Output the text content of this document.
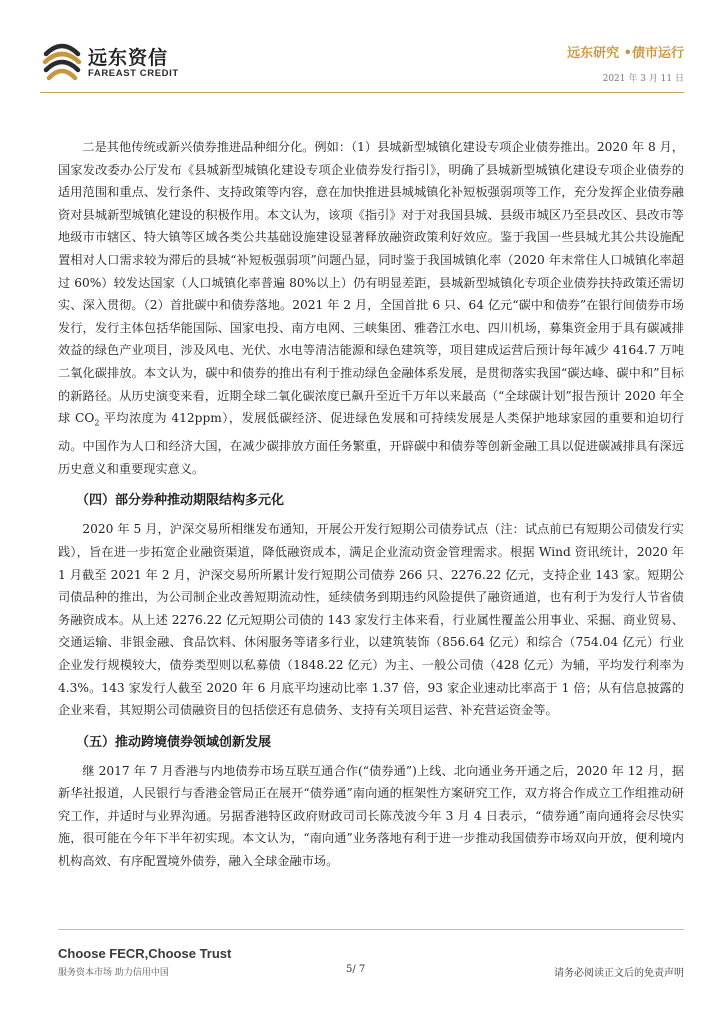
远东资信
FAREAST CREDIT
远东研究 •债市运行
2021 年 3 月 11 日

二是其他传统或新兴债券推进品种细分化。例如：（1）县城新型城镇化建设专项企业债券推出。2020 年 8 月，国家发改委办公厅发布《县城新型城镇化建设专项企业债券发行指引》，明确了县城新型城镇化建设专项企业债券的适用范围和重点、发行条件、支持政策等内容，意在加快推进县城城镇化补短板强弱项等工作，充分发挥企业债券融资对县城新型城镇化建设的积极作用。本文认为，该项《指引》对于对我国县城、县级市城区乃至县改区、县改市等地级市市辖区、特大镇等区域各类公共基础设施建设显著释放融资政策利好效应。鉴于我国一些县城尤其公共设施配置相对人口需求较为滞后的县城“补短板强弱项”问题凸显，同时鉴于我国城镇化率（2020 年末常住人口城镇化率超过 60%）较发达国家（人口城镇化率普遍 80%以上）仍有明显差距，县城新型城镇化专项企业债券扶持政策还需切实、深入贯彻。（2）首批碳中和债券落地。2021 年 2 月，全国首批 6 只、64 亿元“碳中和债券”在银行间债券市场发行，发行主体包括华能国际、国家电投、南方电网、三峡集团、雅砻江水电、四川机场，募集资金用于具有碳减排效益的绿色产业项目，涉及风电、光伏、水电等清洁能源和绿色建筑等，项目建成运营后预计每年减少 4164.7 万吨二氧化碳排放。本文认为，碳中和债券的推出有利于推动绿色金融体系发展，是贯彻落实我国“碳达峰、碳中和”目标的新路径。从历史演变来看，近期全球二氧化碳浓度已飙升至近千万年以来最高（“全球碳计划”报告预计 2020 年全球 $CO_2$ 平均浓度为 412ppm），发展低碳经济、促进绿色发展和可持续发展是人类保护地球家园的重要和迫切行动。中国作为人口和经济大国，在减少碳排放方面任务繁重，开辟碳中和债券等创新金融工具以促进碳减排具有深远历史意义和重要现实意义。

（四）部分券种推动期限结构多元化

2020 年 5 月，沪深交易所相继发布通知，开展公开发行短期公司债券试点（注：试点前已有短期公司债发行实践），旨在进一步拓宽企业融资渠道，降低融资成本，满足企业流动资金管理需求。根据 Wind 资讯统计，2020 年 1 月截至 2021 年 2 月，沪深交易所所累计发行短期公司债券 266 只、2276.22 亿元，支持企业 143 家。短期公司债品种的推出，为公司制企业改善短期流动性，延续债务到期违约风险提供了融资通道，也有利于为发行人节省债务融资成本。从上述 2276.22 亿元短期公司债的 143 家发行主体来看，行业属性覆盖公用事业、采掘、商业贸易、交通运输、非银金融、食品饮料、休闲服务等诸多行业，以建筑装饰（856.64 亿元）和综合（754.04 亿元）行业企业发行规模较大，债券类型则以私募债（1848.22 亿元）为主、一般公司债（428 亿元）为辅，平均发行利率为 4.3%。143 家发行人截至 2020 年 6 月底平均速动比率 1.37 倍，93 家企业速动比率高于 1 倍；从有信息披露的企业来看，其短期公司债融资目的包括偿还有息债务、支持有关项目运营、补充营运资金等。

（五）推动跨境债券领域创新发展

继 2017 年 7 月香港与内地债券市场互联互通合作(“债券通”)上线、北向通业务开通之后，2020 年 12 月，据新华社报道，人民银行与香港金管局正在展开“债券通”南向通的框架性方案研究工作，双方将合作成立工作组推动研究工作，并适时与业界沟通。另据香港特区政府财政司司长陈茂波今年 3 月 4 日表示，“债券通”南向通将会尽快实施，很可能在今年下半年初实现。本文认为，“南向通”业务落地有利于进一步推动我国债券市场双向开放，便利境内机构高效、有序配置境外债券，融入全球金融市场。

Choose FECR,Choose Trust
服务资本市场 助力信用中国	5/ 7	请务必阅读正文后的免责声明
